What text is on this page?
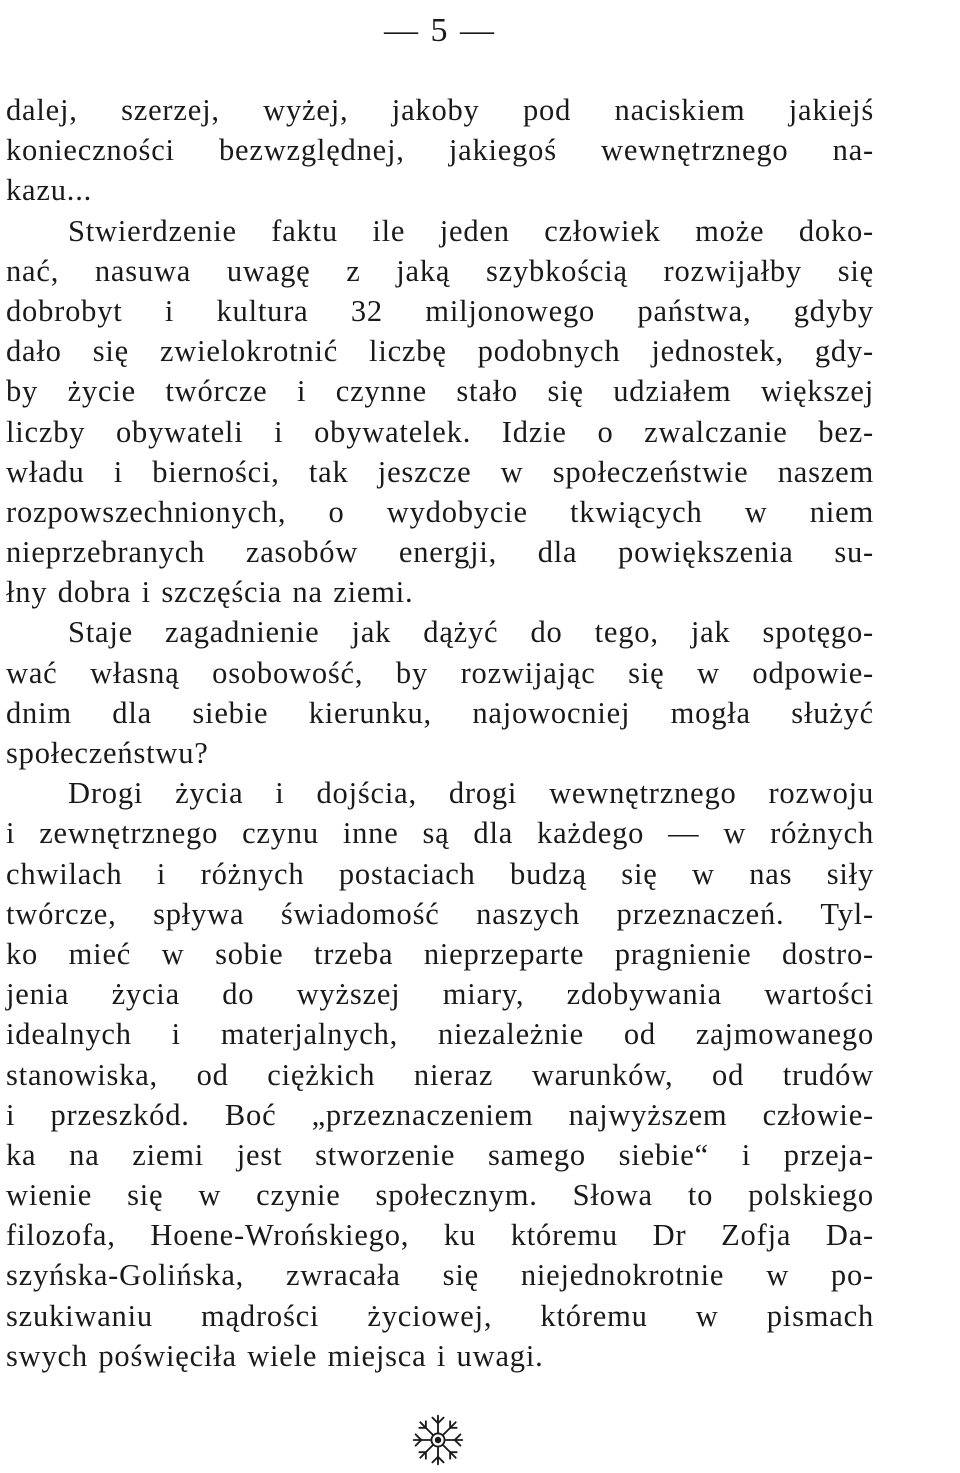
— 5 —
dalej, szerzej, wyżej, jakoby pod naciskiem jakiejś
konieczności bezwzględnej, jakiegoś wewnętrznego na-
kazu...
Stwierdzenie faktu ile jeden człowiek może doko-
nać, nasuwa uwagę z jaką szybkością rozwijałby się
dobrobyt i kultura 32 miljonowego państwa, gdyby
dało się zwielokrotnić liczbę podobnych jednostek, gdy-
by życie twórcze i czynne stało się udziałem większej
liczby obywateli i obywatelek. Idzie o zwalczanie bez-
władu i bierności, tak jeszcze w społeczeństwie naszem
rozpowszechnionych, o wydobycie tkwiących w niem
nieprzebranych zasobów energji, dla powiększenia su-
łny dobra i szczęścia na ziemi.
Staje zagadnienie jak dążyć do tego, jak spotęgo-
wać własną osobowość, by rozwijając się w odpowie-
dnim dla siebie kierunku, najowocniej mogła służyć
społeczeństwu?
Drogi życia i dojścia, drogi wewnętrznego rozwoju
i zewnętrznego czynu inne są dla każdego — w różnych
chwilach i różnych postaciach budzą się w nas siły
twórcze, spływa świadomość naszych przeznaczeń. Tyl-
ko mieć w sobie trzeba nieprzeparte pragnienie dostro-
jenia życia do wyższej miary, zdobywania wartości
idealnych i materjalnych, niezależnie od zajmowanego
stanowiska, od ciężkich nieraz warunków, od trudów
i przeszkód. Boć „przeznaczeniem najwyższem człowie-
ka na ziemi jest stworzenie samego siebie“ i przeja-
wienie się w czynie społecznym. Słowa to polskiego
filozofa, Hoene-Wrońskiego, ku któremu Dr Zofja Da-
szyńska-Golińska, zwracała się niejednokrotnie w po-
szukiwaniu mądrości życiowej, któremu w pismach
swych poświęciła wiele miejsca i uwagi.
